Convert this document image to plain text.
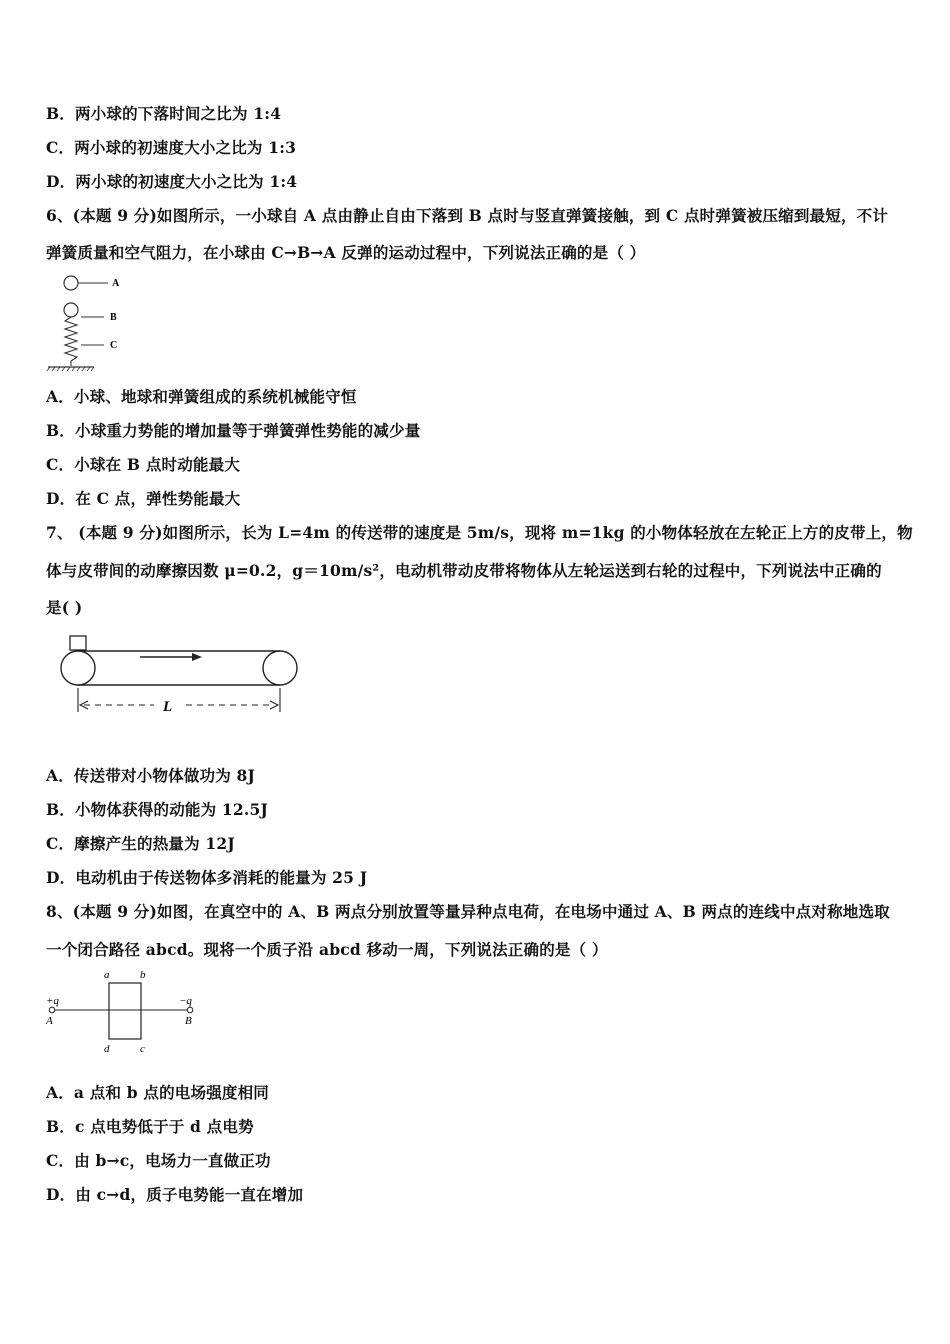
B．两小球的下落时间之比为 1:4
C．两小球的初速度大小之比为 1:3
D．两小球的初速度大小之比为 1:4
6、(本题 9 分)如图所示，一小球自 A 点由静止自由下落到 B 点时与竖直弹簧接触，到 C 点时弹簧被压缩到最短，不计
弹簧质量和空气阻力，在小球由 C→B→A 反弹的运动过程中，下列说法正确的是（ ）
A
B
C
A．小球、地球和弹簧组成的系统机械能守恒
B．小球重力势能的增加量等于弹簧弹性势能的减少量
C．小球在 B 点时动能最大
D．在 C 点，弹性势能最大
7、 (本题 9 分)如图所示，长为 L=4m 的传送带的速度是 5m/s，现将 m=1kg 的小物体轻放在左轮正上方的皮带上，物
体与皮带间的动摩擦因数 μ=0.2，g＝10m/s²，电动机带动皮带将物体从左轮运送到右轮的过程中，下列说法中正确的
是( )
L
A．传送带对小物体做功为 8J
B．小物体获得的动能为 12.5J
C．摩擦产生的热量为 12J
D．电动机由于传送物体多消耗的能量为 25 J
8、(本题 9 分)如图，在真空中的 A、B 两点分别放置等量异种点电荷，在电场中通过 A、B 两点的连线中点对称地选取
一个闭合路径 abcd。现将一个质子沿 abcd 移动一周，下列说法正确的是（ ）
+q	−q
A	B
a	b
c
d
A．a 点和 b 点的电场强度相同
B．c 点电势低于于 d 点电势
C．由 b→c，电场力一直做正功
D．由 c→d，质子电势能一直在增加
